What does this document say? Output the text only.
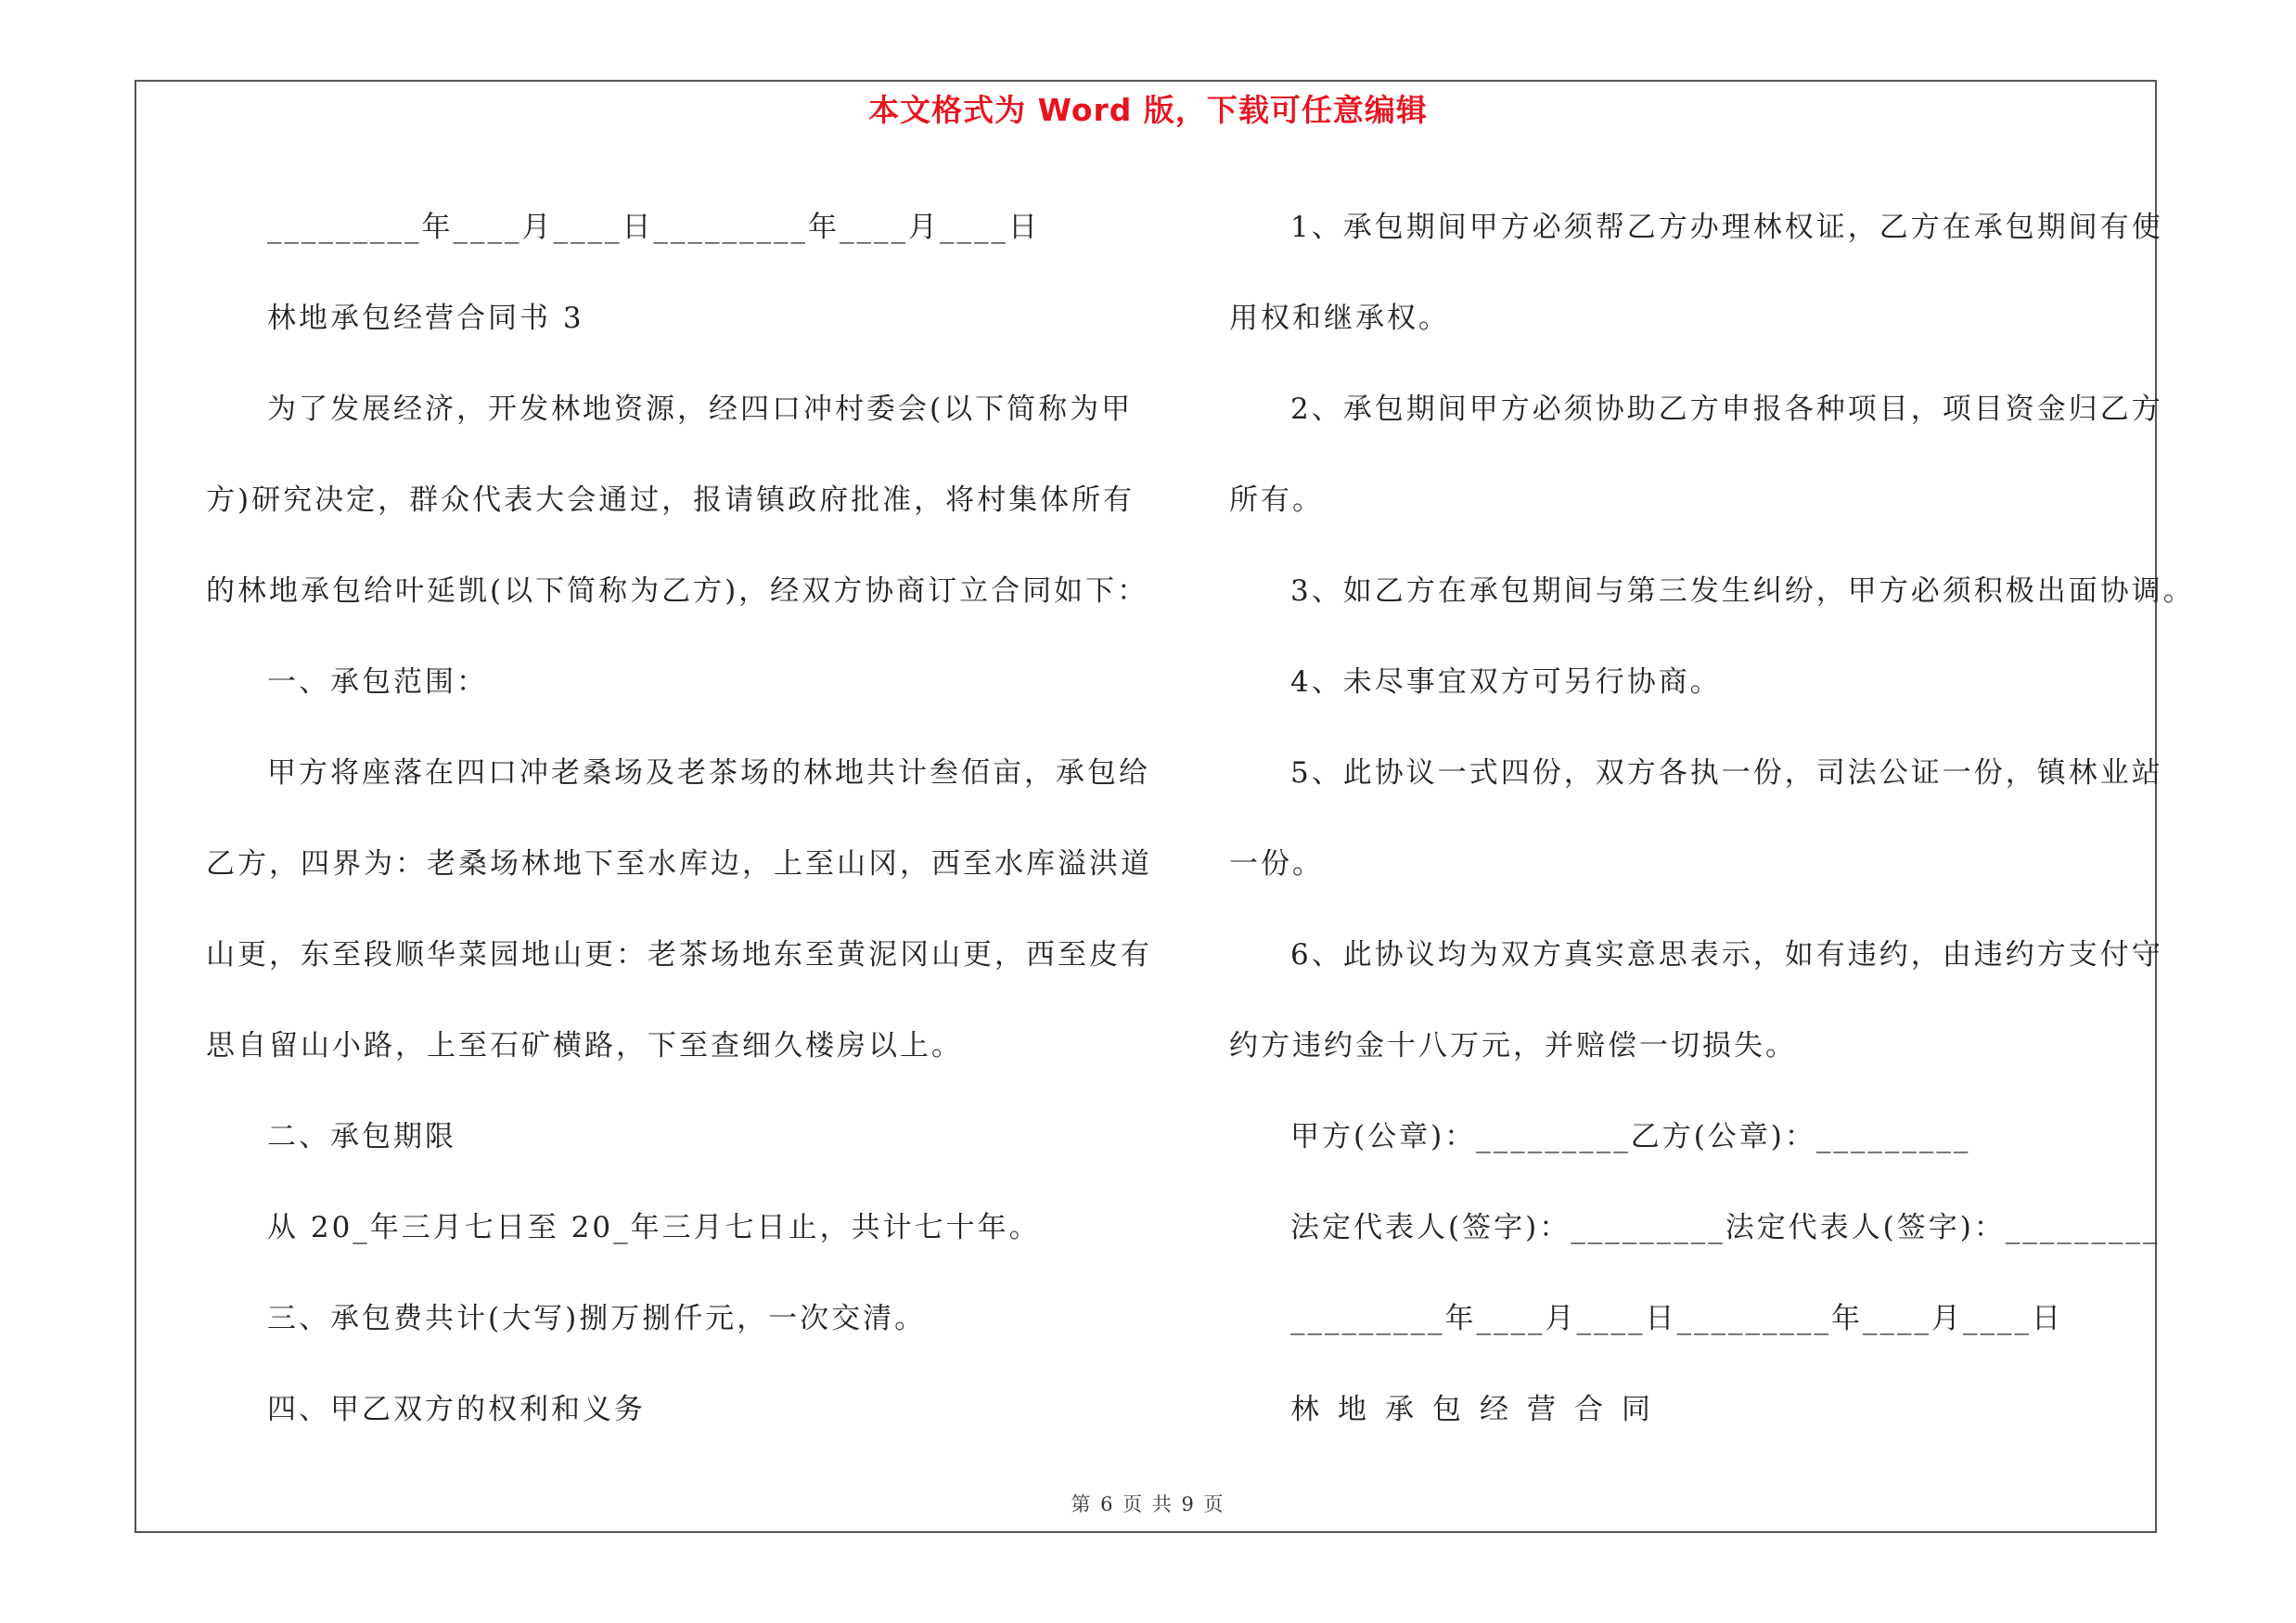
本文格式为 Word 版，下载可任意编辑
_________年____月____日_________年____月____日
林地承包经营合同书 3
为了发展经济，开发林地资源，经四口冲村委会(以下简称为甲
方)研究决定，群众代表大会通过，报请镇政府批准，将村集体所有
的林地承包给叶延凯(以下简称为乙方)，经双方协商订立合同如下：
一、承包范围：
甲方将座落在四口冲老桑场及老茶场的林地共计叁佰亩，承包给
乙方，四界为：老桑场林地下至水库边，上至山冈，西至水库溢洪道
山更，东至段顺华菜园地山更：老茶场地东至黄泥冈山更，西至皮有
思自留山小路，上至石矿横路，下至查细久楼房以上。
二、承包期限
从 20_年三月七日至 20_年三月七日止，共计七十年。
三、承包费共计(大写)捌万捌仟元，一次交清。
四、甲乙双方的权利和义务
1、承包期间甲方必须帮乙方办理林权证，乙方在承包期间有使
用权和继承权。
2、承包期间甲方必须协助乙方申报各种项目，项目资金归乙方
所有。
3、如乙方在承包期间与第三发生纠纷，甲方必须积极出面协调。
4、未尽事宜双方可另行协商。
5、此协议一式四份，双方各执一份，司法公证一份，镇林业站
一份。
6、此协议均为双方真实意思表示，如有违约，由违约方支付守
约方违约金十八万元，并赔偿一切损失。
甲方(公章)：_________乙方(公章)：_________
法定代表人(签字)：_________法定代表人(签字)：_________
_________年____月____日_________年____月____日
林地承包经营合同
第 6 页 共 9 页
